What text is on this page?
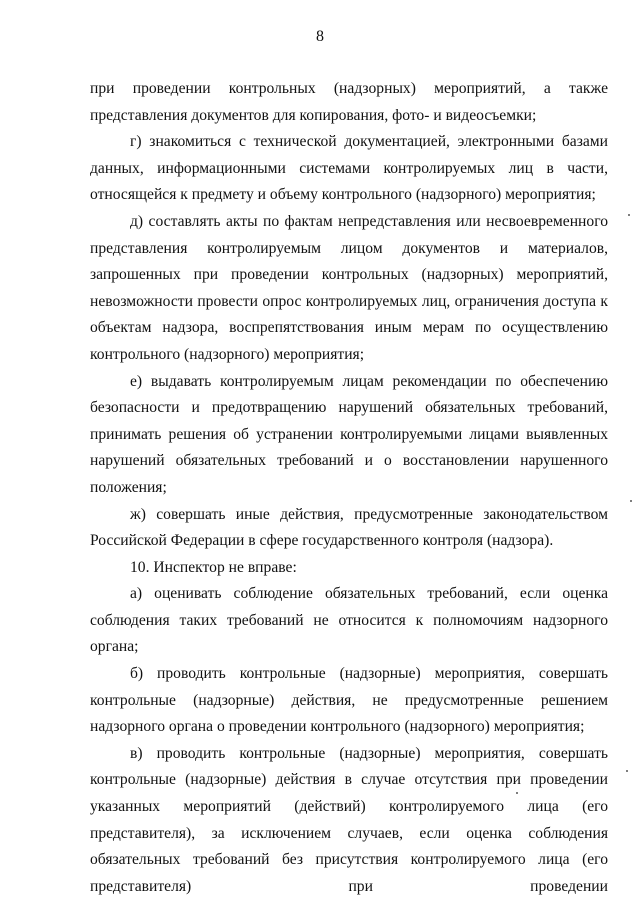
8

при проведении контрольных (надзорных) мероприятий, а также представления документов для копирования, фото- и видеосъемки;

г) знакомиться с технической документацией, электронными базами данных, информационными системами контролируемых лиц в части, относящейся к предмету и объему контрольного (надзорного) мероприятия;

д) составлять акты по фактам непредставления или несвоевременного представления контролируемым лицом документов и материалов, запрошенных при проведении контрольных (надзорных) мероприятий, невозможности провести опрос контролируемых лиц, ограничения доступа к объектам надзора, воспрепятствования иным мерам по осуществлению контрольного (надзорного) мероприятия;

е) выдавать контролируемым лицам рекомендации по обеспечению безопасности и предотвращению нарушений обязательных требований, принимать решения об устранении контролируемыми лицами выявленных нарушений обязательных требований и о восстановлении нарушенного положения;

ж) совершать иные действия, предусмотренные законодательством Российской Федерации в сфере государственного контроля (надзора).

10. Инспектор не вправе:

а) оценивать соблюдение обязательных требований, если оценка соблюдения таких требований не относится к полномочиям надзорного органа;

б) проводить контрольные (надзорные) мероприятия, совершать контрольные (надзорные) действия, не предусмотренные решением надзорного органа о проведении контрольного (надзорного) мероприятия;

в) проводить контрольные (надзорные) мероприятия, совершать контрольные (надзорные) действия в случае отсутствия при проведении указанных мероприятий (действий) контролируемого лица (его представителя), за исключением случаев, если оценка соблюдения обязательных требований без присутствия контролируемого лица (его представителя) при проведении
